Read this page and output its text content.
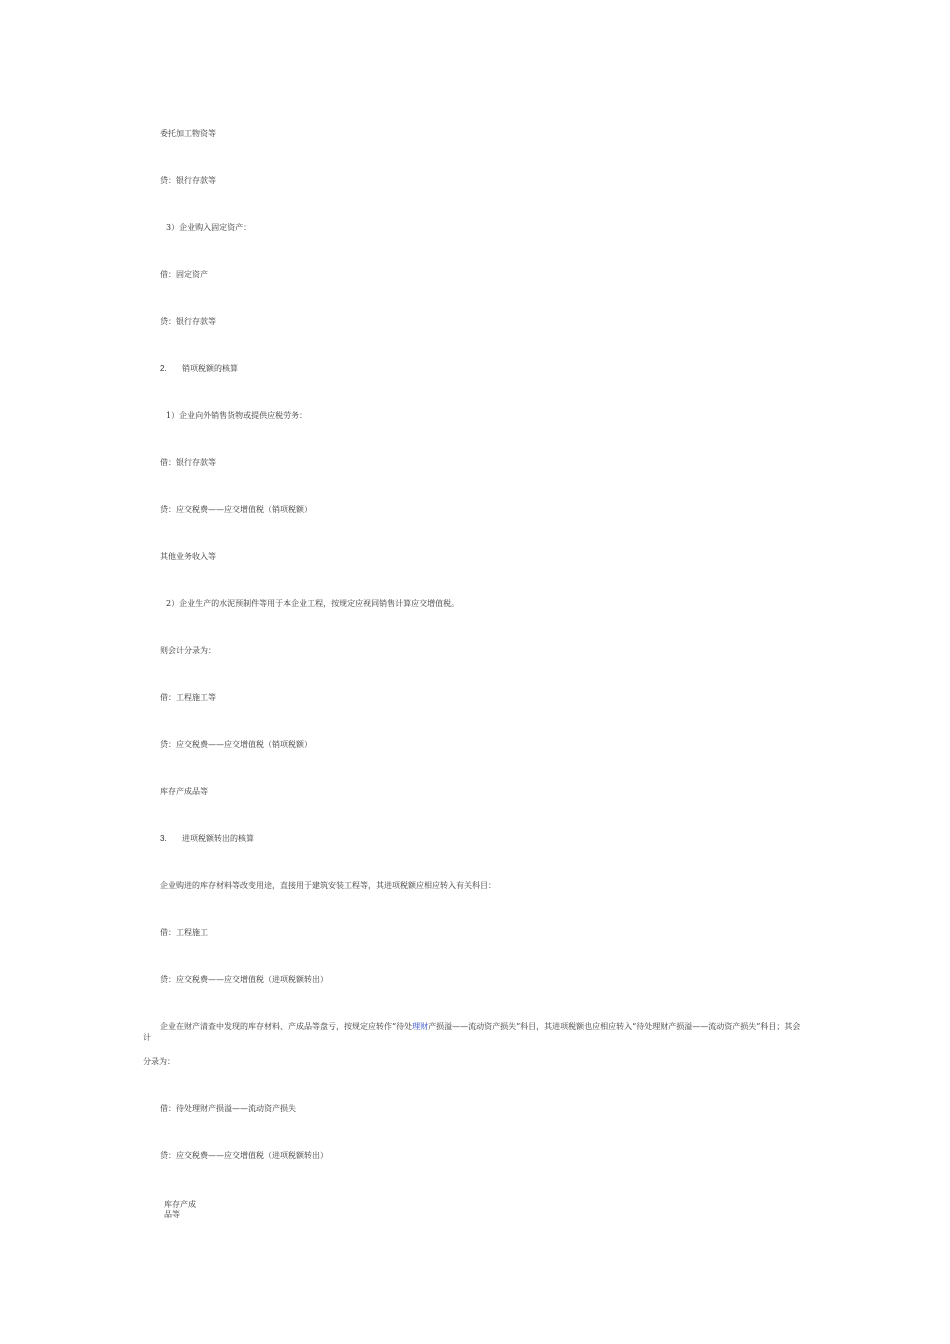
委托加工物资等
贷：银行存款等
3）企业购入固定资产：
借：固定资产
贷：银行存款等
2. 销项税额的核算
1）企业向外销售货物或提供应税劳务：
借：银行存款等
贷：应交税费——应交增值税（销项税额）
其他业务收入等
2）企业生产的水泥预制件等用于本企业工程，按规定应视同销售计算应交增值税。
则会计分录为：
借：工程施工等
贷：应交税费——应交增值税（销项税额）
库存产成品等
3. 进项税额转出的核算
企业购进的库存材料等改变用途，直接用于建筑安装工程等，其进项税额应相应转入有关科目：
借：工程施工
贷：应交税费——应交增值税（进项税额转出）
企业在财产清查中发现的库存材料、产成品等盘亏，按规定应转作“待处理财产损溢——流动资产损失”科目，其进项税额也应相应转入“待处理财产损溢——流动资产损失”科目；其会计
分录为：
借：待处理财产损溢——流动资产损失
贷：应交税费——应交增值税（进项税额转出）
库存产成
品等
